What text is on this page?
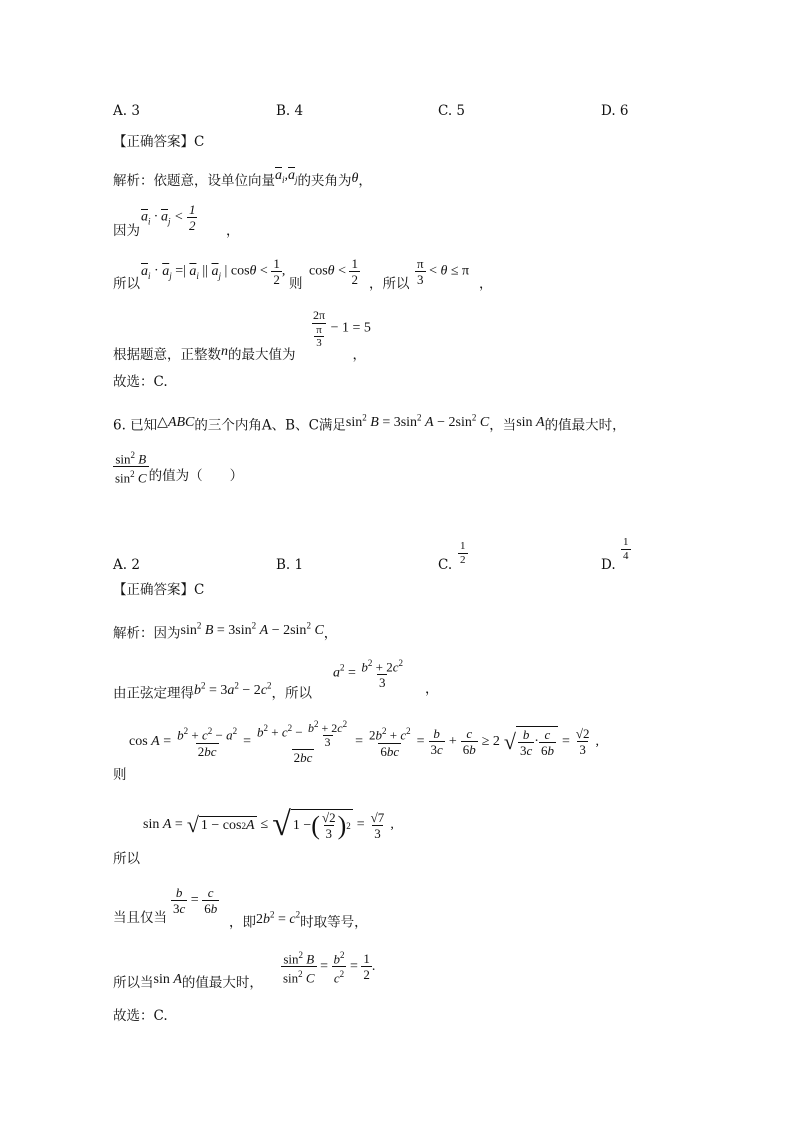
A. 3	B. 4	C. 5	D. 6
【正确答案】C
解析：依题意，设单位向量$\overline{a}_i,\overline{a}_j$的夹角为θ，
$\overline{a}_i \cdot \overline{a}_j < \frac{1}{2}$
因为	，
$\overline{a}_i \cdot \overline{a}_j$ =| $\overline{a}_i$ || $\overline{a}_j$ | $\cos\theta < \frac{1}{2}$ ,
所以	则
$\cos\theta < \frac{1}{2}$ ，所以 $\frac{\pi}{3} < \theta \le \pi$
，
$\frac{2\pi}{\frac{\pi}{3}} - 1 = 5$
根据题意，正整数n的最大值为	，
故选：C.
6. 已知△ABC的三个内角A、B、C满足$\sin^2 B = 3\sin^2$ $A - 2\sin^2$ C，当sin A的值最大时，
$\frac{\sin^2 B}{\sin^2 C}$ 的值为（　　）
A. 2	B. 1	C. $\frac{1}{2}$	D.
$\frac{1}{4}$
【正确答案】C
解析：因为$\sin^2 B = 3\sin^2$ $A - 2\sin^2$ C，
由正弦定理得$b^2 = 3a^2 - 2c^2$，所以
$a^2 = \frac{b^2 + 2c^2}{3}$ ，
则
$\cos A = \frac{b^2 + c^2 - a^2}{2bc} = \frac{b^2 + c^2 - \frac{b^2 + 2c^2}{3}}{2bc} = \frac{2b^2 + c^2}{6bc} = \frac{b}{3c} + \frac{c}{6b} \ge 2$ √ $\frac{b}{3c} \cdot \frac{c}{6b} = \frac{√2}{3}$ ,
所以
sin A = √ 1 − cos 2 A ≤ √ 1 − ( $\frac{√2}{3}$ ) $2 = \frac{√7}{3}$ ,
当且仅当
$\frac{b}{3c} = \frac{c}{6b}$
，即$2b^2 = c^2$时取等号，
所以当sin A的值最大时， $\frac{\sin^2 B}{\sin^2 C} = \frac{b^2}{c^2} = \frac{1}{2}$ .
故选：C.
